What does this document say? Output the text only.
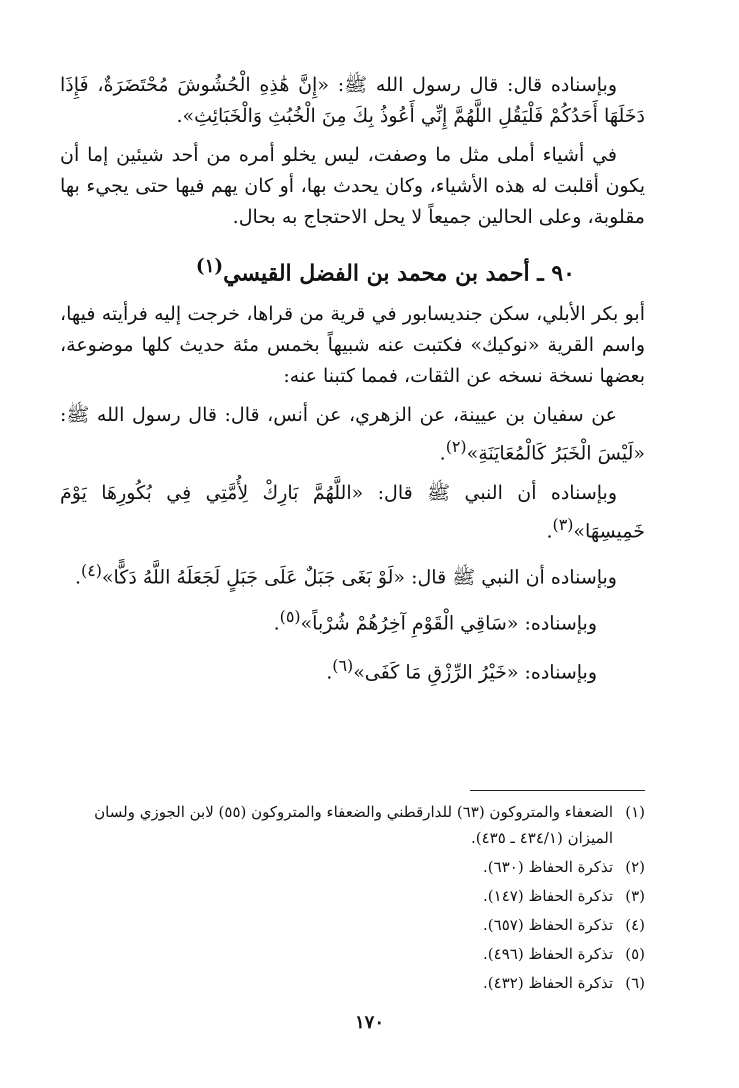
وبإسناده قال: قال رسول الله ﷺ: «إِنَّ هَٰذِهِ الْحُشُوشَ مُحْتَضَرَةٌ، فَإِذَا دَخَلَهَا أَحَدُكُمْ فَلْيَقُلِ اللَّهُمَّ إِنِّي أَعُوذُ بِكَ مِنَ الْخُبُثِ وَالْخَبَائِثِ».

في أشياء أملى مثل ما وصفت، ليس يخلو أمره من أحد شيئين إما أن يكون أقلبت له هذه الأشياء، وكان يحدث بها، أو كان يهم فيها حتى يجيء بها مقلوبة، وعلى الحالين جميعاً لا يحل الاحتجاج به بحال.

٩٠ ـ أحمد بن محمد بن الفضل القيسي$^{(١)}$

أبو بكر الأبلي، سكن جنديسابور في قرية من قراها، خرجت إليه فرأيته فيها، واسم القرية «نوكيك» فكتبت عنه شبيهاً بخمس مئة حديث كلها موضوعة، بعضها نسخة نسخه عن الثقات، فمما كتبنا عنه:

عن سفيان بن عيينة، عن الزهري، عن أنس، قال: قال رسول الله ﷺ: «لَيْسَ الْخَبَرُ كَالْمُعَايَنَةِ»$^{(٢)}$.

وبإسناده أن النبي ﷺ قال: «اللَّهُمَّ بَارِكْ لِأُمَّتِي فِي بُكُورِهَا يَوْمَ خَمِيسِهَا»$^{(٣)}$.

وبإسناده أن النبي ﷺ قال: «لَوْ بَغَى جَبَلٌ عَلَى جَبَلٍ لَجَعَلَهُ اللَّهُ دَكًّا»$^{(٤)}$.

وبإسناده: «سَاقِي الْقَوْمِ آخِرُهُمْ شُرْباً»$^{(٥)}$.

وبإسناده: «خَيْرُ الرِّزْقِ مَا كَفَى»$^{(٦)}$.

(١)
الضعفاء والمتروكون (٦٣) للدارقطني والضعفاء والمتروكون (٥٥) لابن الجوزي ولسان الميزان (٤٣٤/١ ـ ٤٣٥).
(٢)
تذكرة الحفاظ (٦٣٠).
(٣)
تذكرة الحفاظ (١٤٧).
(٤)
تذكرة الحفاظ (٦٥٧).
(٥)
تذكرة الحفاظ (٤٩٦).
(٦)
تذكرة الحفاظ (٤٣٢).
١٧٠
